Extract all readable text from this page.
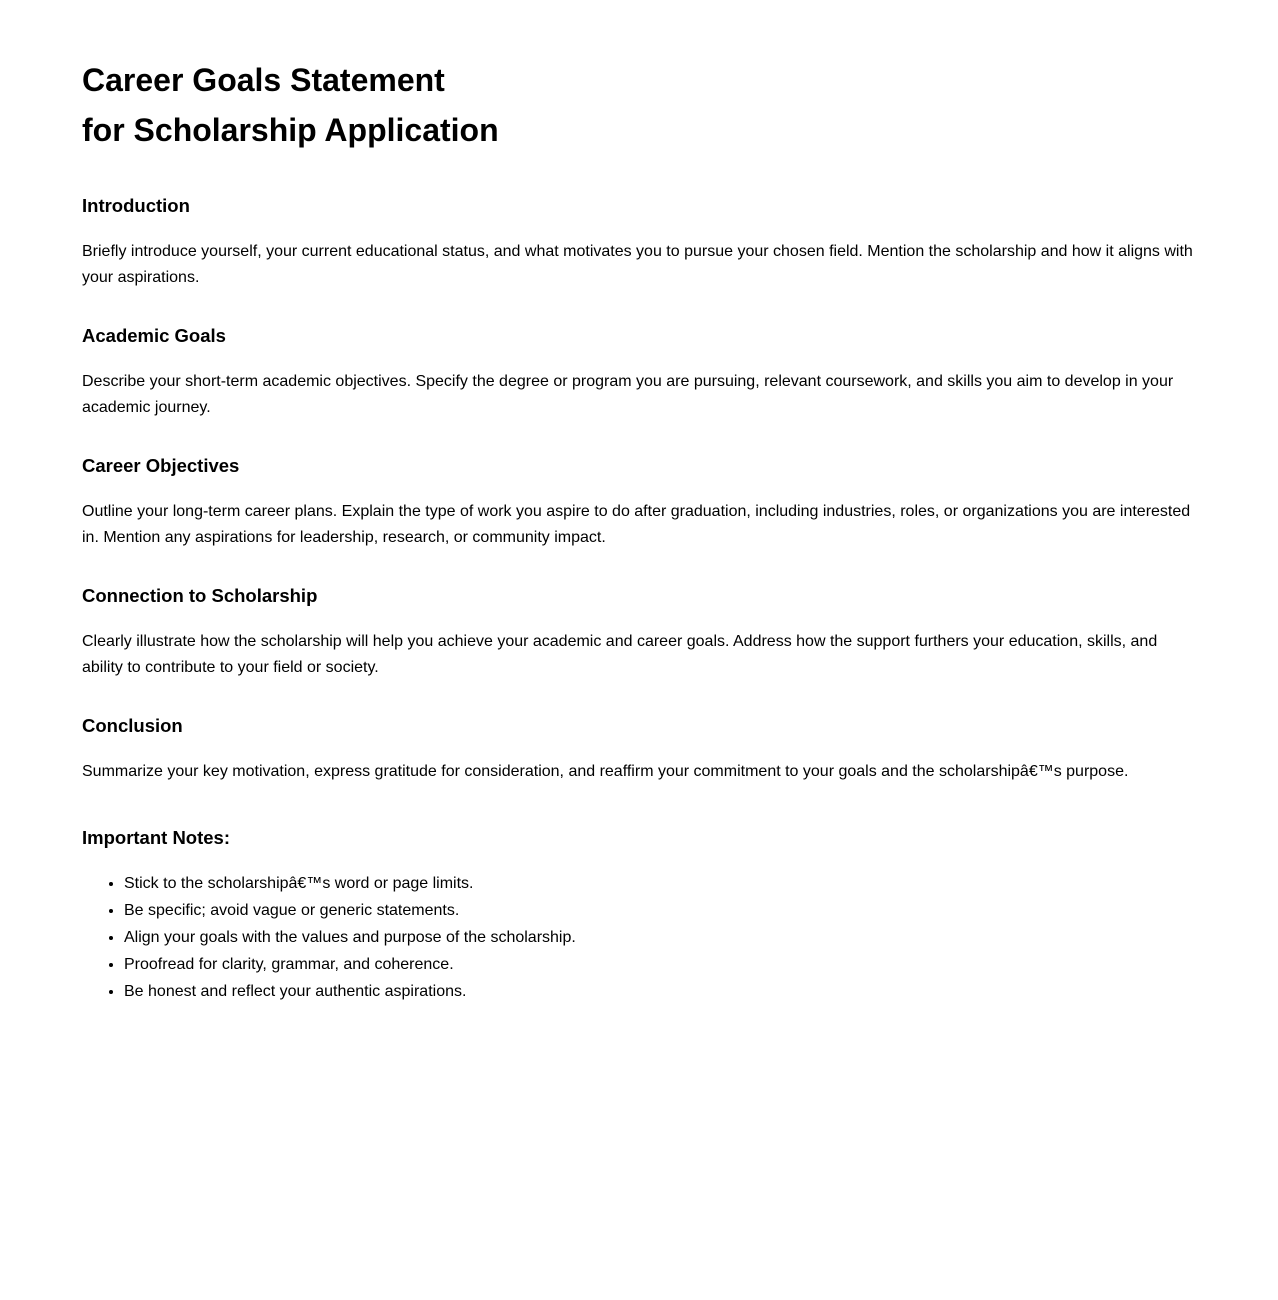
Career Goals Statement
for Scholarship Application
Introduction

Briefly introduce yourself, your current educational status, and what motivates you to pursue your chosen field. Mention the scholarship and how it aligns with your aspirations.

Academic Goals

Describe your short-term academic objectives. Specify the degree or program you are pursuing, relevant coursework, and skills you aim to develop in your academic journey.

Career Objectives

Outline your long-term career plans. Explain the type of work you aspire to do after graduation, including industries, roles, or organizations you are interested in. Mention any aspirations for leadership, research, or community impact.

Connection to Scholarship

Clearly illustrate how the scholarship will help you achieve your academic and career goals. Address how the support furthers your education, skills, and ability to contribute to your field or society.

Conclusion

Summarize your key motivation, express gratitude for consideration, and reaffirm your commitment to your goals and the scholarshipâ€™s purpose.

Important Notes:
• Stick to the scholarshipâ€™s word or page limits.
• Be specific; avoid vague or generic statements.
• Align your goals with the values and purpose of the scholarship.
• Proofread for clarity, grammar, and coherence.
• Be honest and reflect your authentic aspirations.
